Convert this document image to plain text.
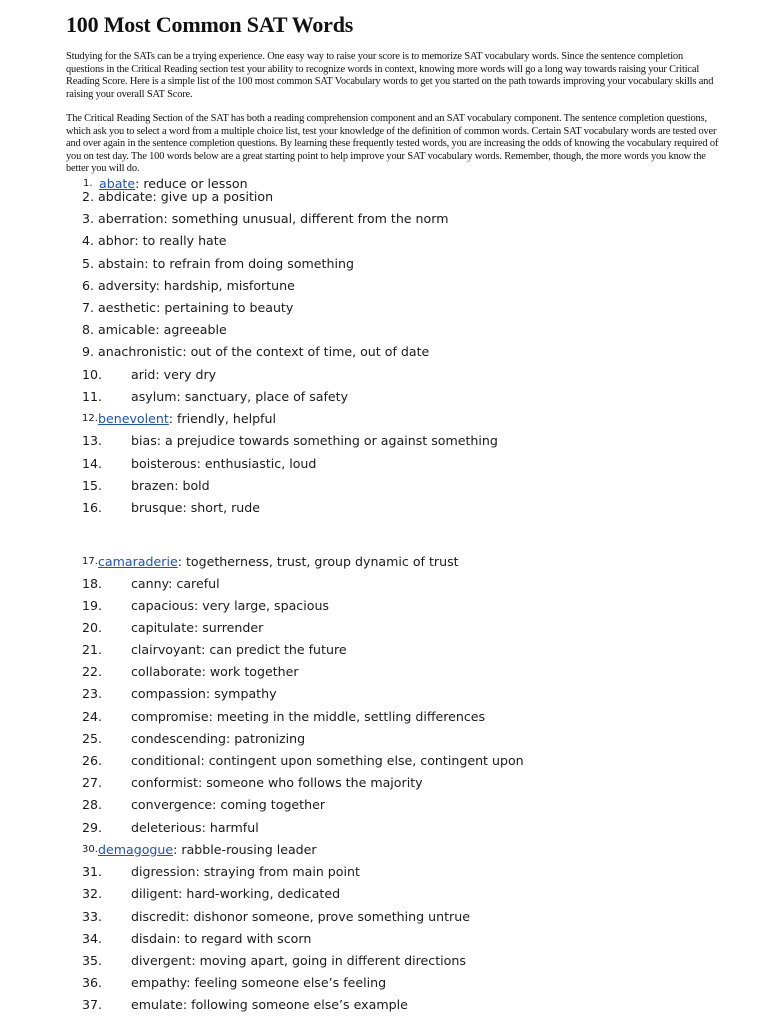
100 Most Common SAT Words

Studying for the SATs can be a trying experience. One easy way to raise your score is to memorize SAT vocabulary words. Since the sentence completion questions in the Critical Reading section test your ability to recognize words in context, knowing more words will go a long way towards raising your Critical Reading Score. Here is a simple list of the 100 most common SAT Vocabulary words to get you started on the path towards improving your vocabulary skills and raising your overall SAT Score.

The Critical Reading Section of the SAT has both a reading comprehension component and an SAT vocabulary component. The sentence completion questions, which ask you to select a word from a multiple choice list, test your knowledge of the definition of common words. Certain SAT vocabulary words are tested over and over again in the sentence completion questions. By learning these frequently tested words, you are increasing the odds of knowing the vocabulary required of you on test day. The 100 words below are a great starting point to help improve your SAT vocabulary words. Remember, though, the more words you know the better you will do.

1. abate: reduce or lesson
2. abdicate: give up a position
3. aberration: something unusual, different from the norm
4. abhor: to really hate
5. abstain: to refrain from doing something
6. adversity: hardship, misfortune
7. aesthetic: pertaining to beauty
8. amicable: agreeable
9. anachronistic: out of the context of time, out of date
10. arid: very dry
11. asylum: sanctuary, place of safety
12. benevolent: friendly, helpful
13. bias: a prejudice towards something or against something
14. boisterous: enthusiastic, loud
15. brazen: bold
16. brusque: short, rude
17. camaraderie: togetherness, trust, group dynamic of trust
18. canny: careful
19. capacious: very large, spacious
20. capitulate: surrender
21. clairvoyant: can predict the future
22. collaborate: work together
23. compassion: sympathy
24. compromise: meeting in the middle, settling differences
25. condescending: patronizing
26. conditional: contingent upon something else, contingent upon
27. conformist: someone who follows the majority
28. convergence: coming together
29. deleterious: harmful
30. demagogue: rabble-rousing leader
31. digression: straying from main point
32. diligent: hard-working, dedicated
33. discredit: dishonor someone, prove something untrue
34. disdain: to regard with scorn
35. divergent: moving apart, going in different directions
36. empathy: feeling someone else’s feeling
37. emulate: following someone else’s example
